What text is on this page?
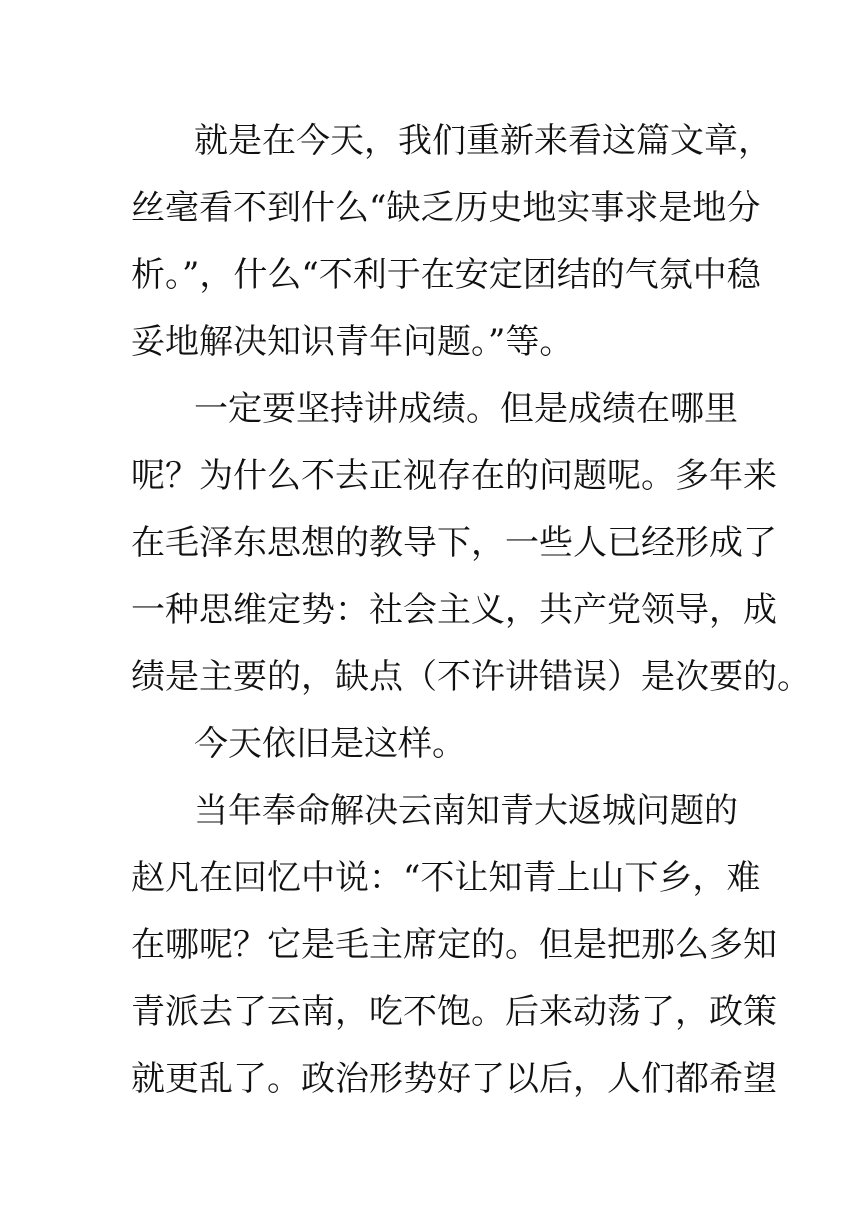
就是在今天，我们重新来看这篇文章，

丝毫看不到什么“缺乏历史地实事求是地分

析。”，什么“不利于在安定团结的气氛中稳

妥地解决知识青年问题。”等。

一定要坚持讲成绩。但是成绩在哪里

呢？为什么不去正视存在的问题呢。多年来

在毛泽东思想的教导下，一些人已经形成了

一种思维定势：社会主义，共产党领导，成

绩是主要的，缺点（不许讲错误）是次要的。

今天依旧是这样。

当年奉命解决云南知青大返城问题的

赵凡在回忆中说：“不让知青上山下乡，难

在哪呢？它是毛主席定的。但是把那么多知

青派去了云南，吃不饱。后来动荡了，政策

就更乱了。政治形势好了以后，人们都希望
